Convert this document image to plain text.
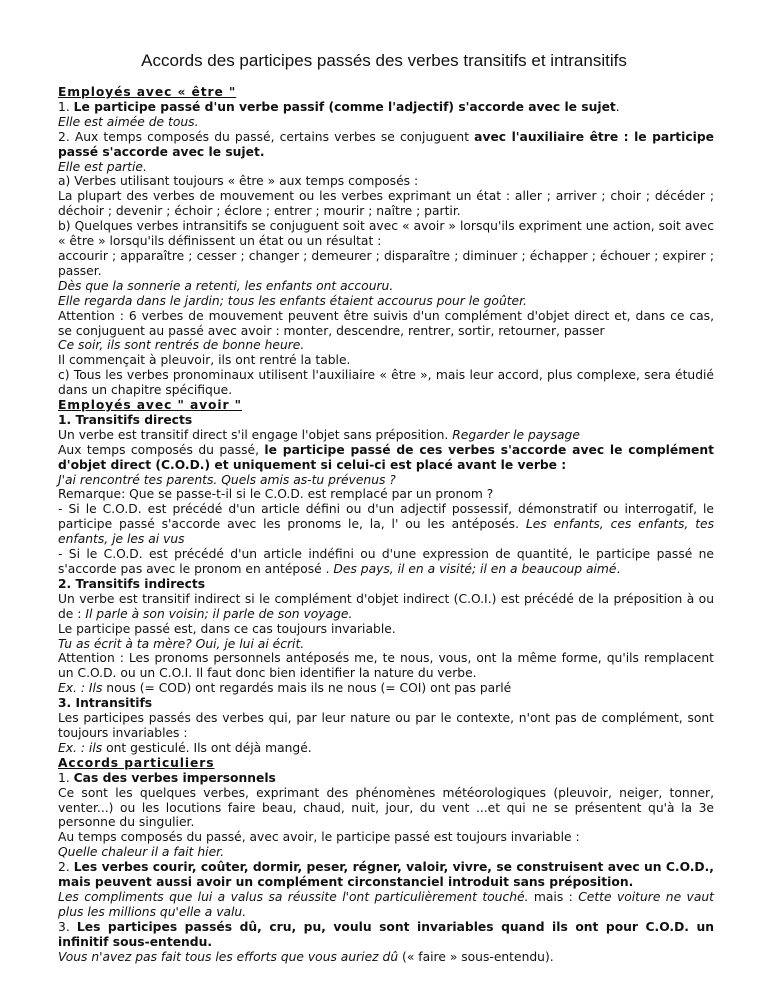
Accords des participes passés des verbes transitifs et intransitifs

Employés avec « être "

1. Le participe passé d'un verbe passif (comme l'adjectif) s'accorde avec le sujet.

Elle est aimée de tous.

2. Aux temps composés du passé, certains verbes se conjuguent avec l'auxiliaire être : le participe passé s'accorde avec le sujet.

Elle est partie.

a) Verbes utilisant toujours « être » aux temps composés :

La plupart des verbes de mouvement ou les verbes exprimant un état : aller ; arriver ; choir ; décéder ; déchoir ; devenir ; échoir ; éclore ; entrer ; mourir ; naître ; partir.

b) Quelques verbes intransitifs se conjuguent soit avec « avoir » lorsqu'ils expriment une action, soit avec « être » lorsqu'ils définissent un état ou un résultat :

accourir ; apparaître ; cesser ; changer ; demeurer ; disparaître ; diminuer ; échapper ; échouer ; expirer ; passer.

Dès que la sonnerie a retenti, les enfants ont accouru.

Elle regarda dans le jardin; tous les enfants étaient accourus pour le goûter.

Attention : 6 verbes de mouvement peuvent être suivis d'un complément d'objet direct et, dans ce cas, se conjuguent au passé avec avoir : monter, descendre, rentrer, sortir, retourner, passer

Ce soir, ils sont rentrés de bonne heure.

Il commençait à pleuvoir, ils ont rentré la table.

c) Tous les verbes pronominaux utilisent l'auxiliaire « être », mais leur accord, plus complexe, sera étudié dans un chapitre spécifique.

Employés avec " avoir "

1. Transitifs directs

Un verbe est transitif direct s'il engage l'objet sans préposition. Regarder le paysage

Aux temps composés du passé, le participe passé de ces verbes s'accorde avec le complément d'objet direct (C.O.D.) et uniquement si celui-ci est placé avant le verbe :

J'ai rencontré tes parents. Quels amis as-tu prévenus ?

Remarque: Que se passe-t-il si le C.O.D. est remplacé par un pronom ?

- Si le C.O.D. est précédé d'un article défini ou d'un adjectif possessif, démonstratif ou interrogatif, le participe passé s'accorde avec les pronoms le, la, l' ou les antéposés. Les enfants, ces enfants, tes enfants, je les ai vus

- Si le C.O.D. est précédé d'un article indéfini ou d'une expression de quantité, le participe passé ne s'accorde pas avec le pronom en antéposé . Des pays, il en a visité; il en a beaucoup aimé.

2. Transitifs indirects

Un verbe est transitif indirect si le complément d'objet indirect (C.O.I.) est précédé de la préposition à ou de : Il parle à son voisin; il parle de son voyage.

Le participe passé est, dans ce cas toujours invariable.

Tu as écrit à ta mère? Oui, je lui ai écrit.

Attention : Les pronoms personnels antéposés me, te nous, vous, ont la même forme, qu'ils remplacent un C.O.D. ou un C.O.I. Il faut donc bien identifier la nature du verbe.

Ex. : Ils nous (= COD) ont regardés mais ils ne nous (= COI) ont pas parlé

3. Intransitifs

Les participes passés des verbes qui, par leur nature ou par le contexte, n'ont pas de complément, sont toujours invariables :

Ex. : ils ont gesticulé. Ils ont déjà mangé.

Accords particuliers

1. Cas des verbes impersonnels

Ce sont les quelques verbes, exprimant des phénomènes météorologiques (pleuvoir, neiger, tonner, venter...) ou les locutions faire beau, chaud, nuit, jour, du vent ...et qui ne se présentent qu'à la 3e personne du singulier.

Au temps composés du passé, avec avoir, le participe passé est toujours invariable :

Quelle chaleur il a fait hier.

2. Les verbes courir, coûter, dormir, peser, régner, valoir, vivre, se construisent avec un C.O.D., mais peuvent aussi avoir un complément circonstanciel introduit sans préposition.

Les compliments que lui a valus sa réussite l'ont particulièrement touché. mais : Cette voiture ne vaut plus les millions qu'elle a valu.

3. Les participes passés dû, cru, pu, voulu sont invariables quand ils ont pour C.O.D. un infinitif sous-entendu.

Vous n'avez pas fait tous les efforts que vous auriez dû (« faire » sous-entendu).
